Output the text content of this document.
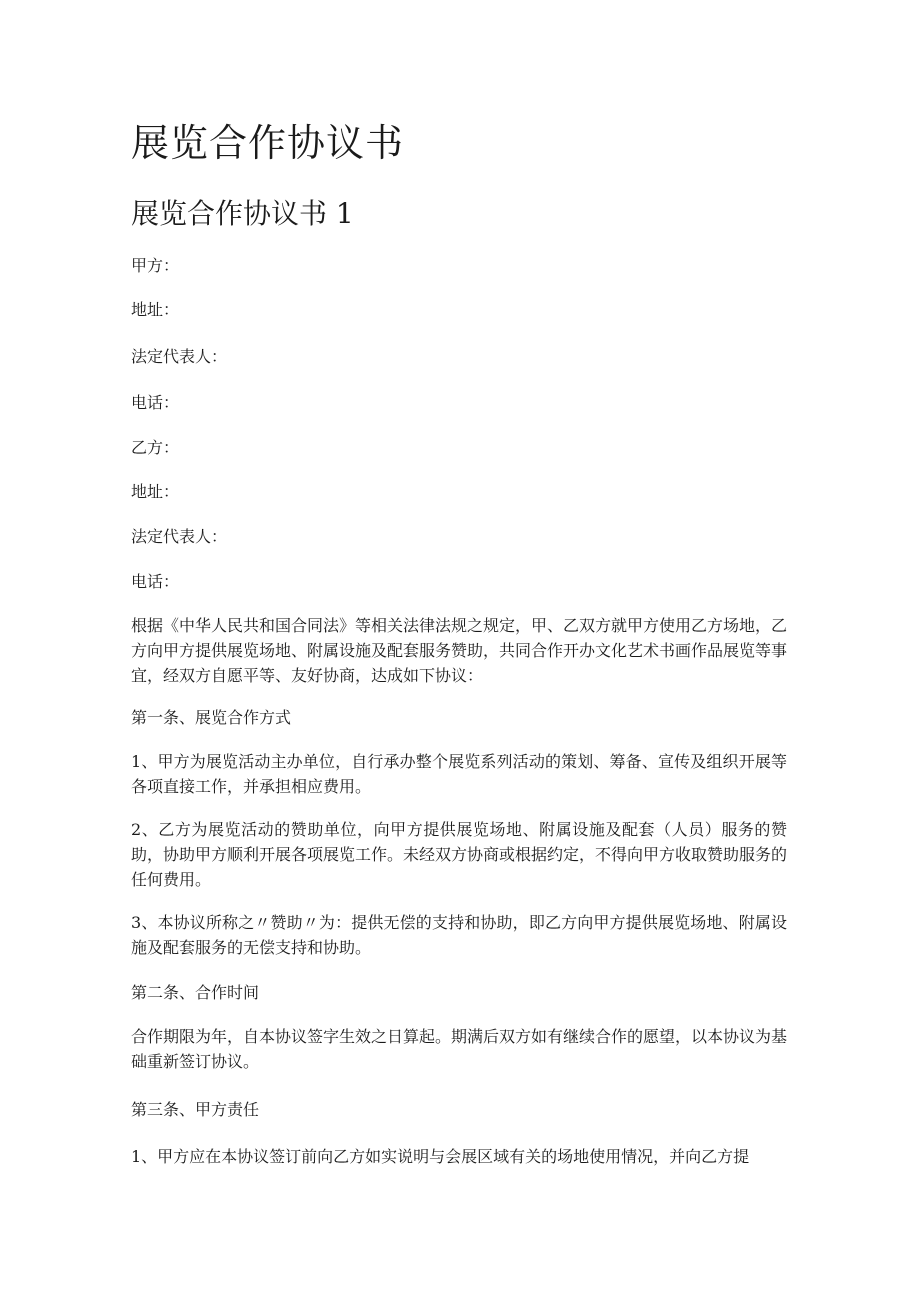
展览合作协议书
展览合作协议书 1

甲方：

地址：

法定代表人：

电话：

乙方：

地址：

法定代表人：

电话：

根据《中华人民共和国合同法》等相关法律法规之规定，甲、乙双方就甲方使用乙方场地，乙方向甲方提供展览场地、附属设施及配套服务赞助，共同合作开办文化艺术书画作品展览等事宜，经双方自愿平等、友好协商，达成如下协议：

第一条、展览合作方式

1、甲方为展览活动主办单位，自行承办整个展览系列活动的策划、筹备、宣传及组织开展等各项直接工作，并承担相应费用。

2、乙方为展览活动的赞助单位，向甲方提供展览场地、附属设施及配套（人员）服务的赞助，协助甲方顺利开展各项展览工作。未经双方协商或根据约定，不得向甲方收取赞助服务的任何费用。

3、本协议所称之〃赞助〃为：提供无偿的支持和协助，即乙方向甲方提供展览场地、附属设施及配套服务的无偿支持和协助。

第二条、合作时间

合作期限为年，自本协议签字生效之日算起。期满后双方如有继续合作的愿望，以本协议为基础重新签订协议。

第三条、甲方责任

1、甲方应在本协议签订前向乙方如实说明与会展区域有关的场地使用情况，并向乙方提
